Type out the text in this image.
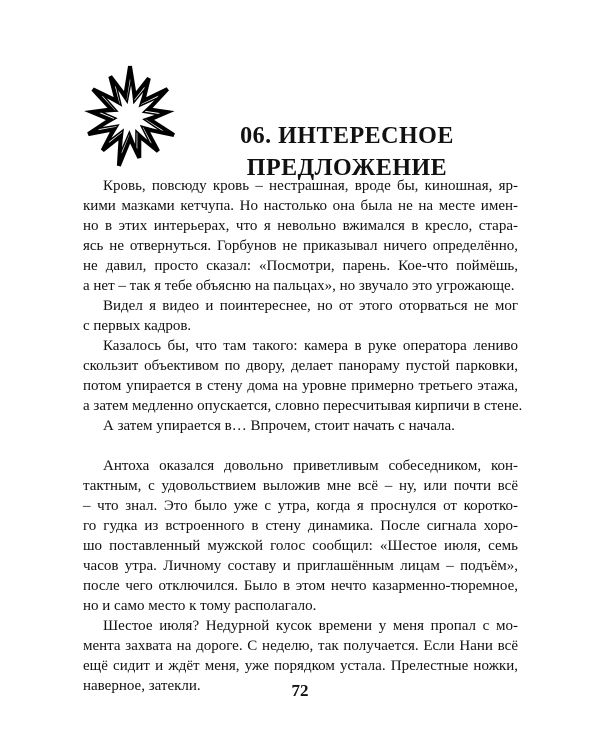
06. ИНТЕРЕСНОЕ
ПРЕДЛОЖЕНИЕ
Кровь, повсюду кровь – нестрашная, вроде бы, киношная, яр-
кими мазками кетчупа. Но настолько она была не на месте имен-
но в этих интерьерах, что я невольно вжимался в кресло, стара-
ясь не отвернуться. Горбунов не приказывал ничего определённо,
не давил, просто сказал: «Посмотри, парень. Кое-что поймёшь,
а нет – так я тебе объясню на пальцах», но звучало это угрожающе.
Видел я видео и поинтереснее, но от этого оторваться не мог
с первых кадров.
Казалось бы, что там такого: камера в руке оператора лениво
скользит объективом по двору, делает панораму пустой парковки,
потом упирается в стену дома на уровне примерно третьего этажа,
а затем медленно опускается, словно пересчитывая кирпичи в стене.
А затем упирается в… Впрочем, стоит начать с начала.
Антоха оказался довольно приветливым собеседником, кон-
тактным, с удовольствием выложив мне всё – ну, или почти всё
– что знал. Это было уже с утра, когда я проснулся от коротко-
го гудка из встроенного в стену динамика. После сигнала хоро-
шо поставленный мужской голос сообщил: «Шестое июля, семь
часов утра. Личному составу и приглашённым лицам – подъём»,
после чего отключился. Было в этом нечто казарменно-тюремное,
но и само место к тому располагало.
Шестое июля? Недурной кусок времени у меня пропал с мо-
мента захвата на дороге. С неделю, так получается. Если Нани всё
ещё сидит и ждёт меня, уже порядком устала. Прелестные ножки,
наверное, затекли.	72
